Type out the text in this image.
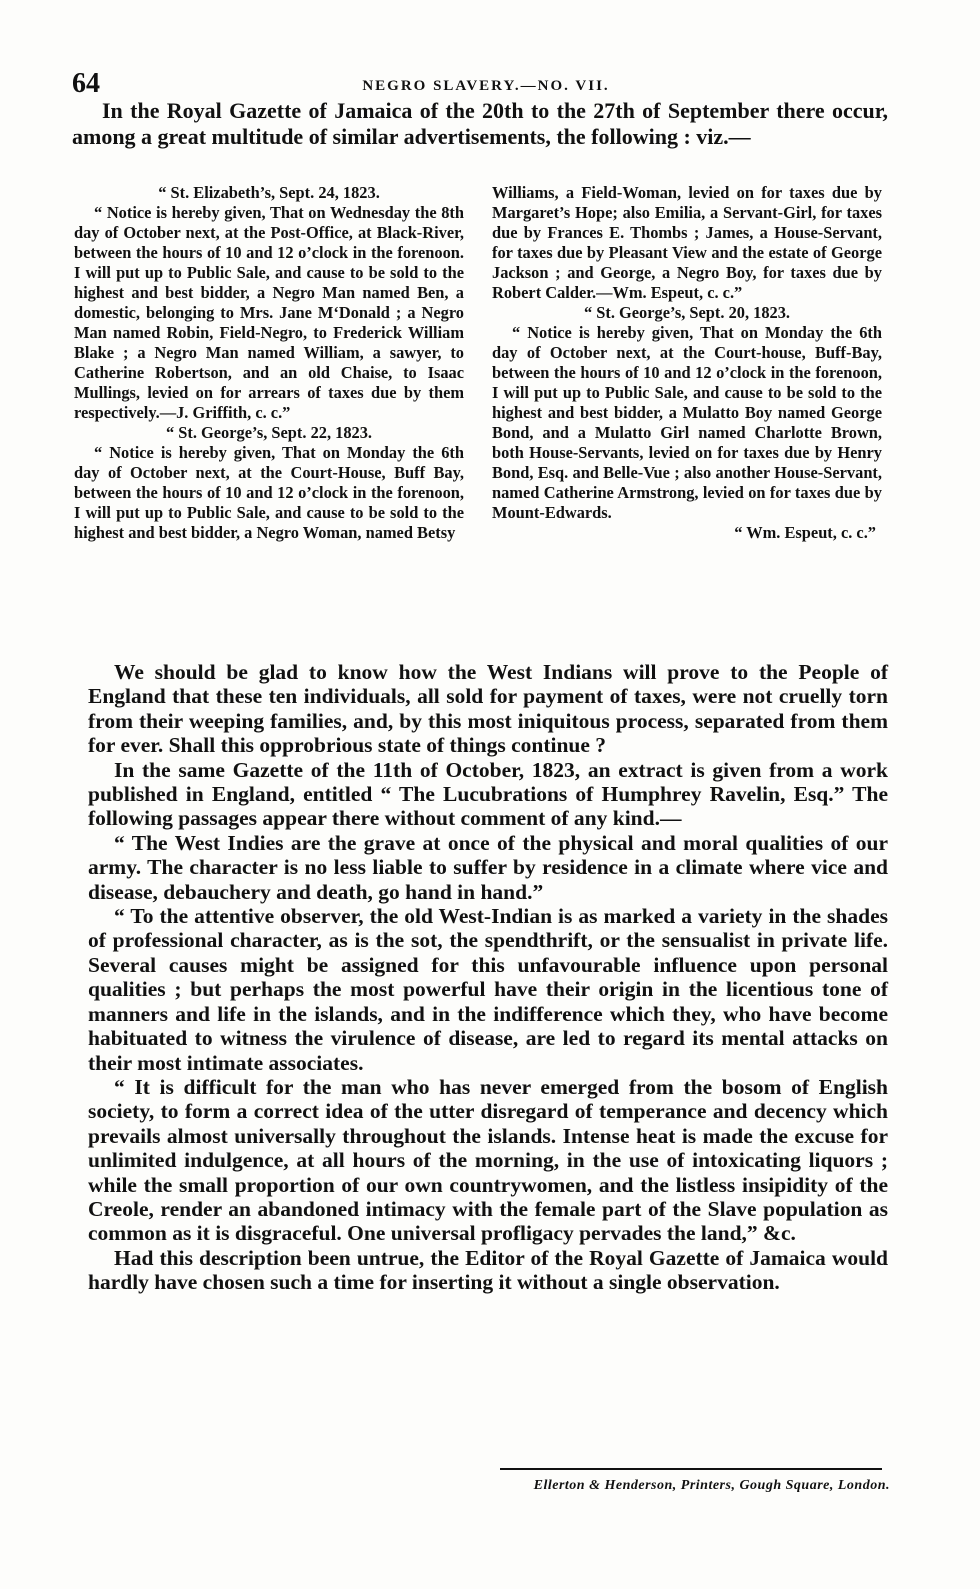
64	NEGRO SLAVERY.—NO. VII.

In the Royal Gazette of Jamaica of the 20th to the 27th of September there occur, among a great multitude of similar advertisements, the following : viz.—

“ St. Elizabeth’s, Sept. 24, 1823.

“ Notice is hereby given, That on Wednesday the 8th day of October next, at the Post-Office, at Black-River, between the hours of 10 and 12 o’clock in the forenoon. I will put up to Public Sale, and cause to be sold to the highest and best bidder, a Negro Man named Ben, a domestic, belonging to Mrs. Jane M‘Donald ; a Negro Man named Robin, Field-Negro, to Frederick William Blake ; a Negro Man named William, a sawyer, to Catherine Robertson, and an old Chaise, to Isaac Mullings, levied on for arrears of taxes due by them respectively.—J. Griffith, c. c.”

“ St. George’s, Sept. 22, 1823.

“ Notice is hereby given, That on Monday the 6th day of October next, at the Court-House, Buff Bay, between the hours of 10 and 12 o’clock in the forenoon, I will put up to Public Sale, and cause to be sold to the highest and best bidder, a Negro Woman, named Betsy

Williams, a Field-Woman, levied on for taxes due by Margaret’s Hope; also Emilia, a Servant-Girl, for taxes due by Frances E. Thombs ; James, a House-Servant, for taxes due by Pleasant View and the estate of George Jackson ; and George, a Negro Boy, for taxes due by Robert Calder.—Wm. Espeut, c. c.”

“ St. George’s, Sept. 20, 1823.

“ Notice is hereby given, That on Monday the 6th day of October next, at the Court-house, Buff-Bay, between the hours of 10 and 12 o’clock in the forenoon, I will put up to Public Sale, and cause to be sold to the highest and best bidder, a Mulatto Boy named George Bond, and a Mulatto Girl named Charlotte Brown, both House-Servants, levied on for taxes due by Henry Bond, Esq. and Belle-Vue ; also another House-Servant, named Catherine Armstrong, levied on for taxes due by Mount-Edwards.

“ Wm. Espeut, c. c.”

We should be glad to know how the West Indians will prove to the People of England that these ten individuals, all sold for payment of taxes, were not cruelly torn from their weeping families, and, by this most iniquitous process, separated from them for ever. Shall this opprobrious state of things continue ?

In the same Gazette of the 11th of October, 1823, an extract is given from a work published in England, entitled “ The Lucubrations of Humphrey Ravelin, Esq.” The following passages appear there without comment of any kind.—

“ The West Indies are the grave at once of the physical and moral qualities of our army. The character is no less liable to suffer by residence in a climate where vice and disease, debauchery and death, go hand in hand.”

“ To the attentive observer, the old West-Indian is as marked a variety in the shades of professional character, as is the sot, the spendthrift, or the sensualist in private life. Several causes might be assigned for this unfavourable influence upon personal qualities ; but perhaps the most powerful have their origin in the licentious tone of manners and life in the islands, and in the indifference which they, who have become habituated to witness the virulence of disease, are led to regard its mental attacks on their most intimate associates.

“ It is difficult for the man who has never emerged from the bosom of English society, to form a correct idea of the utter disregard of temperance and decency which prevails almost universally throughout the islands. Intense heat is made the excuse for unlimited indulgence, at all hours of the morning, in the use of intoxicating liquors ; while the small proportion of our own countrywomen, and the listless insipidity of the Creole, render an abandoned intimacy with the female part of the Slave population as common as it is disgraceful. One universal profligacy pervades the land,” &c.

Had this description been untrue, the Editor of the Royal Gazette of Jamaica would hardly have chosen such a time for inserting it without a single observation.

Ellerton & Henderson, Printers, Gough Square, London.
